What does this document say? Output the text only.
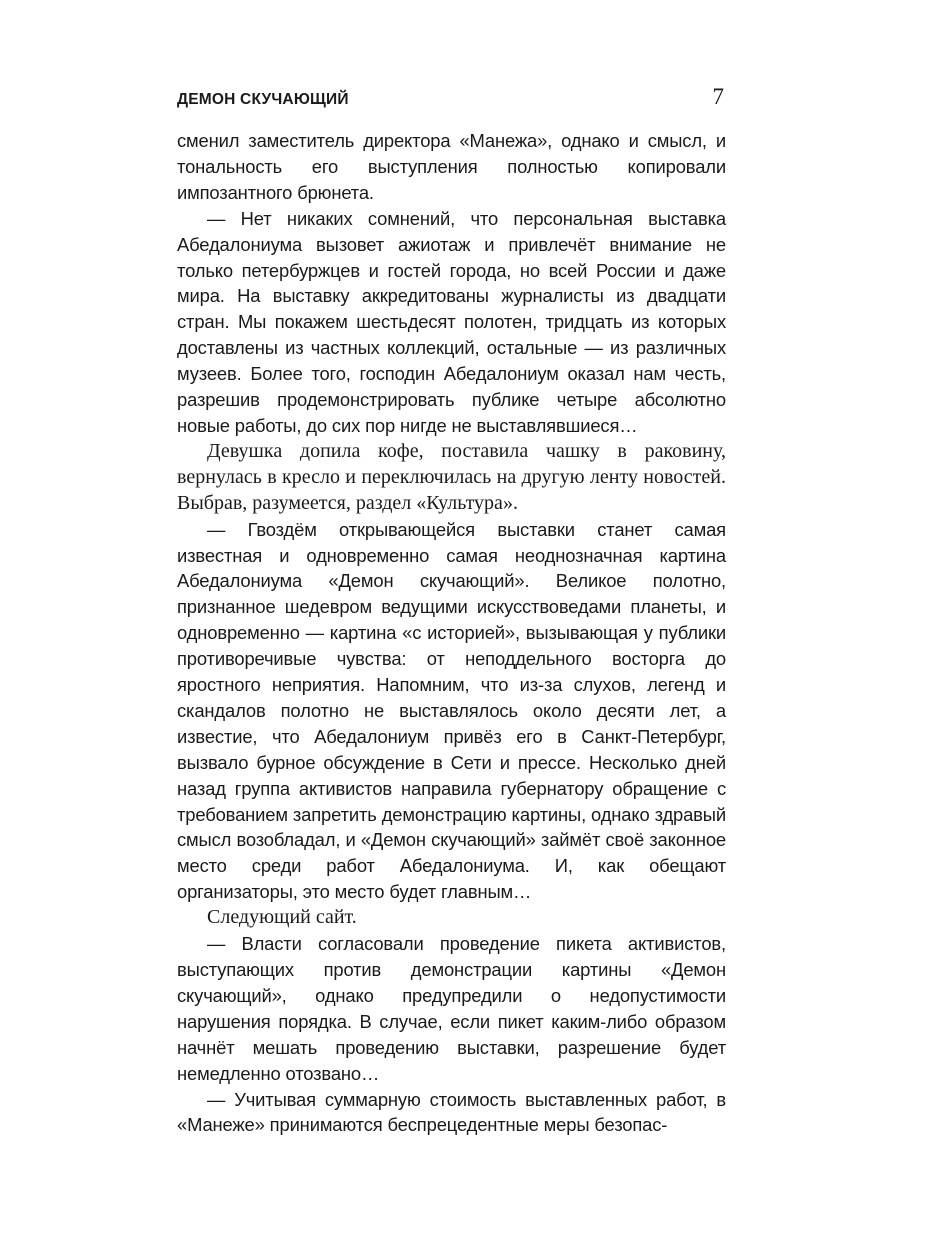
ДЕМОН СКУЧАЮЩИЙ	7

сменил заместитель директора «Манежа», однако и смысл, и тональность его выступления полностью копировали импозантного брюнета.

— Нет никаких сомнений, что персональная выставка Абедалониума вызовет ажиотаж и привлечёт внимание не только петербуржцев и гостей города, но всей России и даже мира. На выставку аккредитованы журналисты из двадцати стран. Мы покажем шестьдесят полотен, тридцать из которых доставлены из частных коллекций, остальные — из различных музеев. Более того, господин Абедалониум оказал нам честь, разрешив продемонстрировать публике четыре абсолютно новые работы, до сих пор нигде не выставлявшиеся…

Девушка допила кофе, поставила чашку в раковину, вернулась в кресло и переключилась на другую ленту новостей. Выбрав, разумеется, раздел «Культура».

— Гвоздём открывающейся выставки станет самая известная и одновременно самая неоднозначная картина Абедалониума «Демон скучающий». Великое полотно, признанное шедевром ведущими искусствоведами планеты, и одновременно — картина «с историей», вызывающая у публики противоречивые чувства: от неподдельного восторга до яростного неприятия. Напомним, что из-за слухов, легенд и скандалов полотно не выставлялось около десяти лет, а известие, что Абедалониум привёз его в Санкт-Петербург, вызвало бурное обсуждение в Сети и прессе. Несколько дней назад группа активистов направила губернатору обращение с требованием запретить демонстрацию картины, однако здравый смысл возобладал, и «Демон скучающий» займёт своё законное место среди работ Абедалониума. И, как обещают организаторы, это место будет главным…

Следующий сайт.

— Власти согласовали проведение пикета активистов, выступающих против демонстрации картины «Демон скучающий», однако предупредили о недопустимости нарушения порядка. В случае, если пикет каким-либо образом начнёт мешать проведению выставки, разрешение будет немедленно отозвано…

— Учитывая суммарную стоимость выставленных работ, в «Манеже» принимаются беспрецедентные меры безопас-
